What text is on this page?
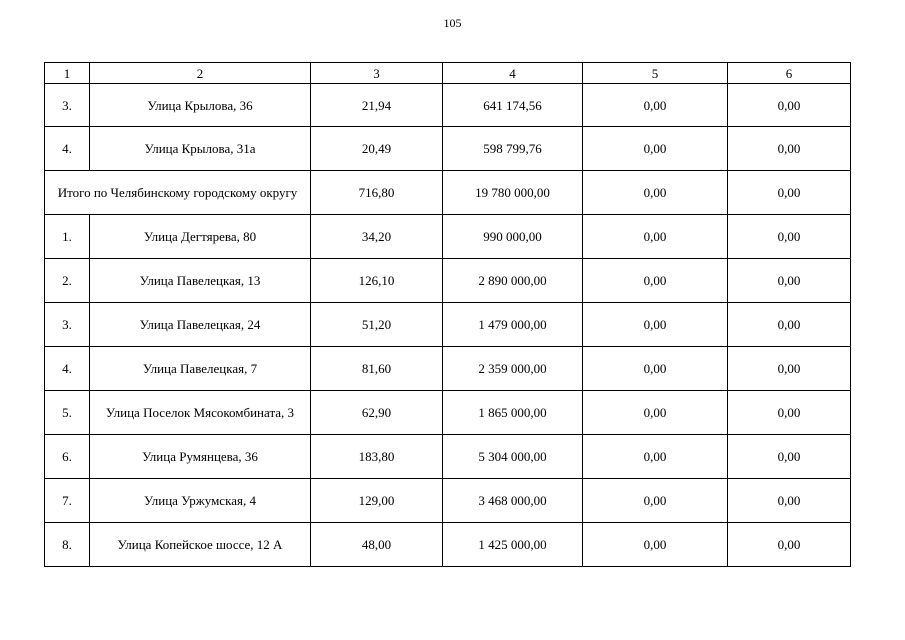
105
1	2	3	4	5	6
3.	Улица Крылова, 36	21,94	641 174,56	0,00	0,00
4.	Улица Крылова, 31а	20,49	598 799,76	0,00	0,00
Итого по Челябинскому городскому округу		716,80	19 780 000,00	0,00	0,00
1.	Улица Дегтярева, 80	34,20	990 000,00	0,00	0,00
2.	Улица Павелецкая, 13	126,10	2 890 000,00	0,00	0,00
3.	Улица Павелецкая, 24	51,20	1 479 000,00	0,00	0,00
4.	Улица Павелецкая, 7	81,60	2 359 000,00	0,00	0,00
5.	Улица Поселок Мясокомбината, 3	62,90	1 865 000,00	0,00	0,00
6.	Улица Румянцева, 36	183,80	5 304 000,00	0,00	0,00
7.	Улица Уржумская, 4	129,00	3 468 000,00	0,00	0,00
8.	Улица Копейское шоссе, 12 А	48,00	1 425 000,00	0,00	0,00
